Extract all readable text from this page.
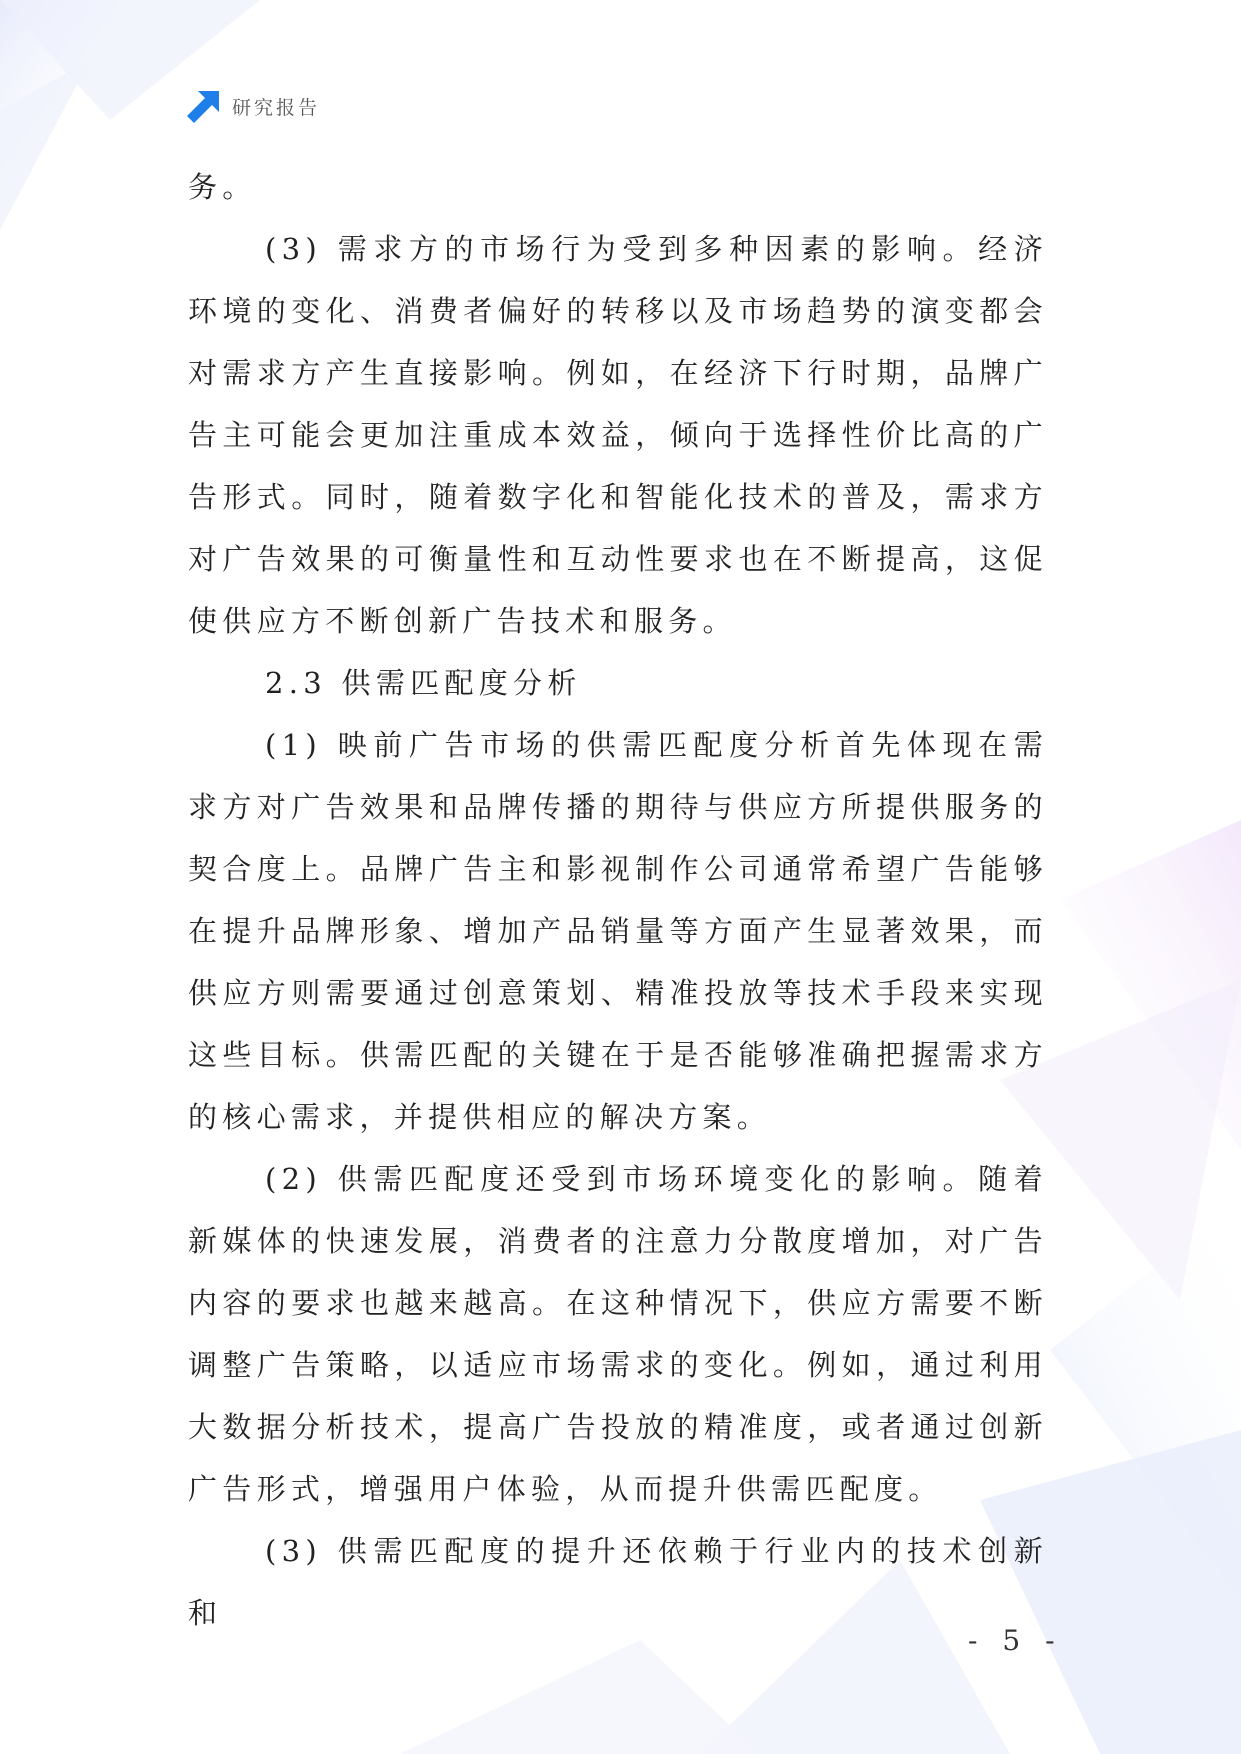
研究报告

务。

(3) 需求方的市场行为受到多种因素的影响。经济环境的变化、消费者偏好的转移以及市场趋势的演变都会对需求方产生直接影响。例如，在经济下行时期，品牌广告主可能会更加注重成本效益，倾向于选择性价比高的广告形式。同时，随着数字化和智能化技术的普及，需求方对广告效果的可衡量性和互动性要求也在不断提高，这促使供应方不断创新广告技术和服务。

2.3 供需匹配度分析

(1) 映前广告市场的供需匹配度分析首先体现在需求方对广告效果和品牌传播的期待与供应方所提供服务的契合度上。品牌广告主和影视制作公司通常希望广告能够在提升品牌形象、增加产品销量等方面产生显著效果，而供应方则需要通过创意策划、精准投放等技术手段来实现这些目标。供需匹配的关键在于是否能够准确把握需求方的核心需求，并提供相应的解决方案。

(2) 供需匹配度还受到市场环境变化的影响。随着新媒体的快速发展，消费者的注意力分散度增加，对广告内容的要求也越来越高。在这种情况下，供应方需要不断调整广告策略，以适应市场需求的变化。例如，通过利用大数据分析技术，提高广告投放的精准度，或者通过创新广告形式，增强用户体验，从而提升供需匹配度。

(3) 供需匹配度的提升还依赖于行业内的技术创新和

- 5 -
